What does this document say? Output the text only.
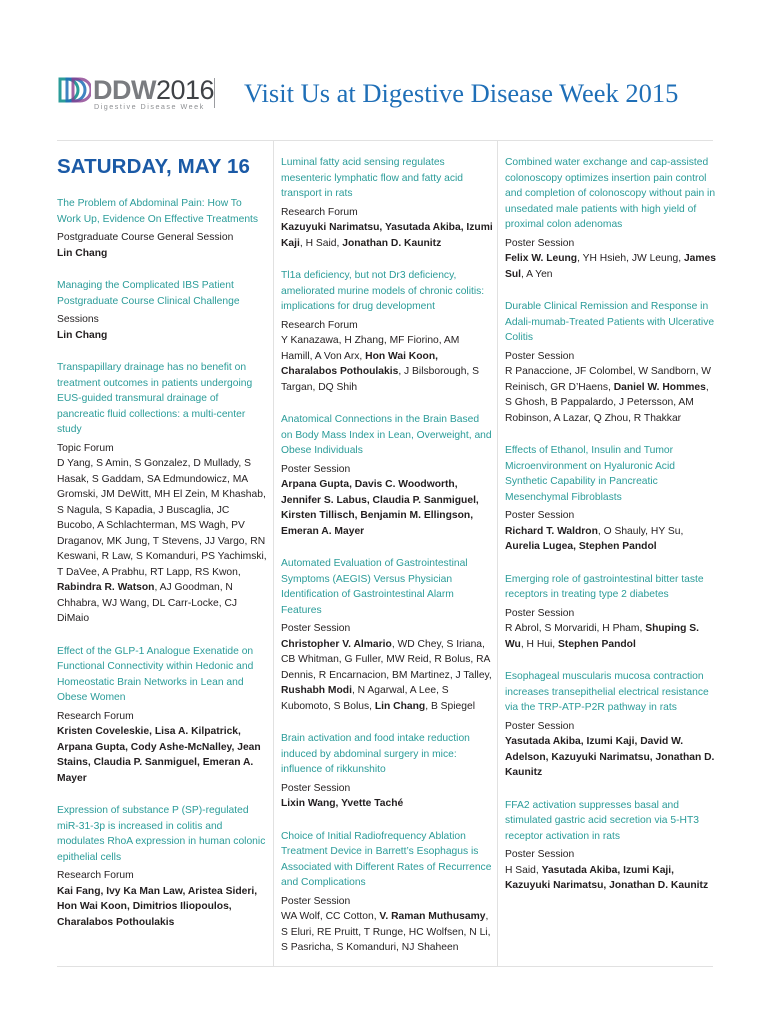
DDW2016
Digestive Disease Week Visit Us at Digestive Disease Week 2015
SATURDAY, MAY 16
The Problem of Abdominal Pain: How To Work Up, Evidence On Effective Treatments
Postgraduate Course General Session
Lin Chang
Managing the Complicated IBS Patient Postgraduate Course Clinical Challenge
Sessions
Lin Chang
Transpapillary drainage has no benefit on treatment outcomes in patients undergoing EUS-guided transmural drainage of pancreatic fluid collections: a multi-center study
Topic Forum
D Yang, S Amin, S Gonzalez, D Mullady, S Hasak, S Gaddam, SA Edmundowicz, MA Gromski, JM DeWitt, MH El Zein, M Khashab, S Nagula, S Kapadia, J Buscaglia, JC Bucobo, A Schlachterman, MS Wagh, PV Draganov, MK Jung, T Stevens, JJ Vargo, RN Keswani, R Law, S Komanduri, PS Yachimski, T DaVee, A Prabhu, RT Lapp, RS Kwon, Rabindra R. Watson, AJ Goodman, N Chhabra, WJ Wang, DL Carr-Locke, CJ DiMaio
Effect of the GLP-1 Analogue Exenatide on Functional Connectivity within Hedonic and Homeostatic Brain Networks in Lean and Obese Women
Research Forum
Kristen Coveleskie, Lisa A. Kilpatrick, Arpana Gupta, Cody Ashe-McNalley, Jean Stains, Claudia P. Sanmiguel, Emeran A. Mayer
Expression of substance P (SP)-regulated miR-31-3p is increased in colitis and modulates RhoA expression in human colonic epithelial cells
Research Forum
Kai Fang, Ivy Ka Man Law, Aristea Sideri, Hon Wai Koon, Dimitrios Iliopoulos, Charalabos Pothoulakis
Luminal fatty acid sensing regulates mesenteric lymphatic flow and fatty acid transport in rats
Research Forum
Kazuyuki Narimatsu, Yasutada Akiba, Izumi Kaji, H Said, Jonathan D. Kaunitz
Tl1a deficiency, but not Dr3 deficiency, ameliorated murine models of chronic colitis: implications for drug development
Research Forum
Y Kanazawa, H Zhang, MF Fiorino, AM Hamill, A Von Arx, Hon Wai Koon, Charalabos Pothoulakis, J Bilsborough, S Targan, DQ Shih
Anatomical Connections in the Brain Based on Body Mass Index in Lean, Overweight, and Obese Individuals
Poster Session
Arpana Gupta, Davis C. Woodworth, Jennifer S. Labus, Claudia P. Sanmiguel, Kirsten Tillisch, Benjamin M. Ellingson, Emeran A. Mayer
Automated Evaluation of Gastrointestinal Symptoms (AEGIS) Versus Physician Identification of Gastrointestinal Alarm Features
Poster Session
Christopher V. Almario, WD Chey, S Iriana, CB Whitman, G Fuller, MW Reid, R Bolus, RA Dennis, R Encarnacion, BM Martinez, J Talley, Rushabh Modi, N Agarwal, A Lee, S Kubomoto, S Bolus, Lin Chang, B Spiegel
Brain activation and food intake reduction induced by abdominal surgery in mice: influence of rikkunshito
Poster Session
Lixin Wang, Yvette Taché
Choice of Initial Radiofrequency Ablation Treatment Device in Barrett’s Esophagus is Associated with Different Rates of Recurrence and Complications
Poster Session
WA Wolf, CC Cotton, V. Raman Muthusamy, S Eluri, RE Pruitt, T Runge, HC Wolfsen, N Li, S Pasricha, S Komanduri, NJ Shaheen
Combined water exchange and cap-assisted colonoscopy optimizes insertion pain control and completion of colonoscopy without pain in unsedated male patients with high yield of proximal colon adenomas
Poster Session
Felix W. Leung, YH Hsieh, JW Leung, James Sul, A Yen
Durable Clinical Remission and Response in Adali-mumab-Treated Patients with Ulcerative Colitis
Poster Session
R Panaccione, JF Colombel, W Sandborn, W Reinisch, GR D’Haens, Daniel W. Hommes, S Ghosh, B Pappalardo, J Petersson, AM Robinson, A Lazar, Q Zhou, R Thakkar
Effects of Ethanol, Insulin and Tumor Microenvironment on Hyaluronic Acid Synthetic Capability in Pancreatic Mesenchymal Fibroblasts
Poster Session
Richard T. Waldron, O Shauly, HY Su, Aurelia Lugea, Stephen Pandol
Emerging role of gastrointestinal bitter taste receptors in treating type 2 diabetes
Poster Session
R Abrol, S Morvaridi, H Pham, Shuping S. Wu, H Hui, Stephen Pandol
Esophageal muscularis mucosa contraction increases transepithelial electrical resistance via the TRP-ATP-P2R pathway in rats
Poster Session
Yasutada Akiba, Izumi Kaji, David W. Adelson, Kazuyuki Narimatsu, Jonathan D. Kaunitz
FFA2 activation suppresses basal and stimulated gastric acid secretion via 5-HT3 receptor activation in rats
Poster Session
H Said, Yasutada Akiba, Izumi Kaji, Kazuyuki Narimatsu, Jonathan D. Kaunitz
